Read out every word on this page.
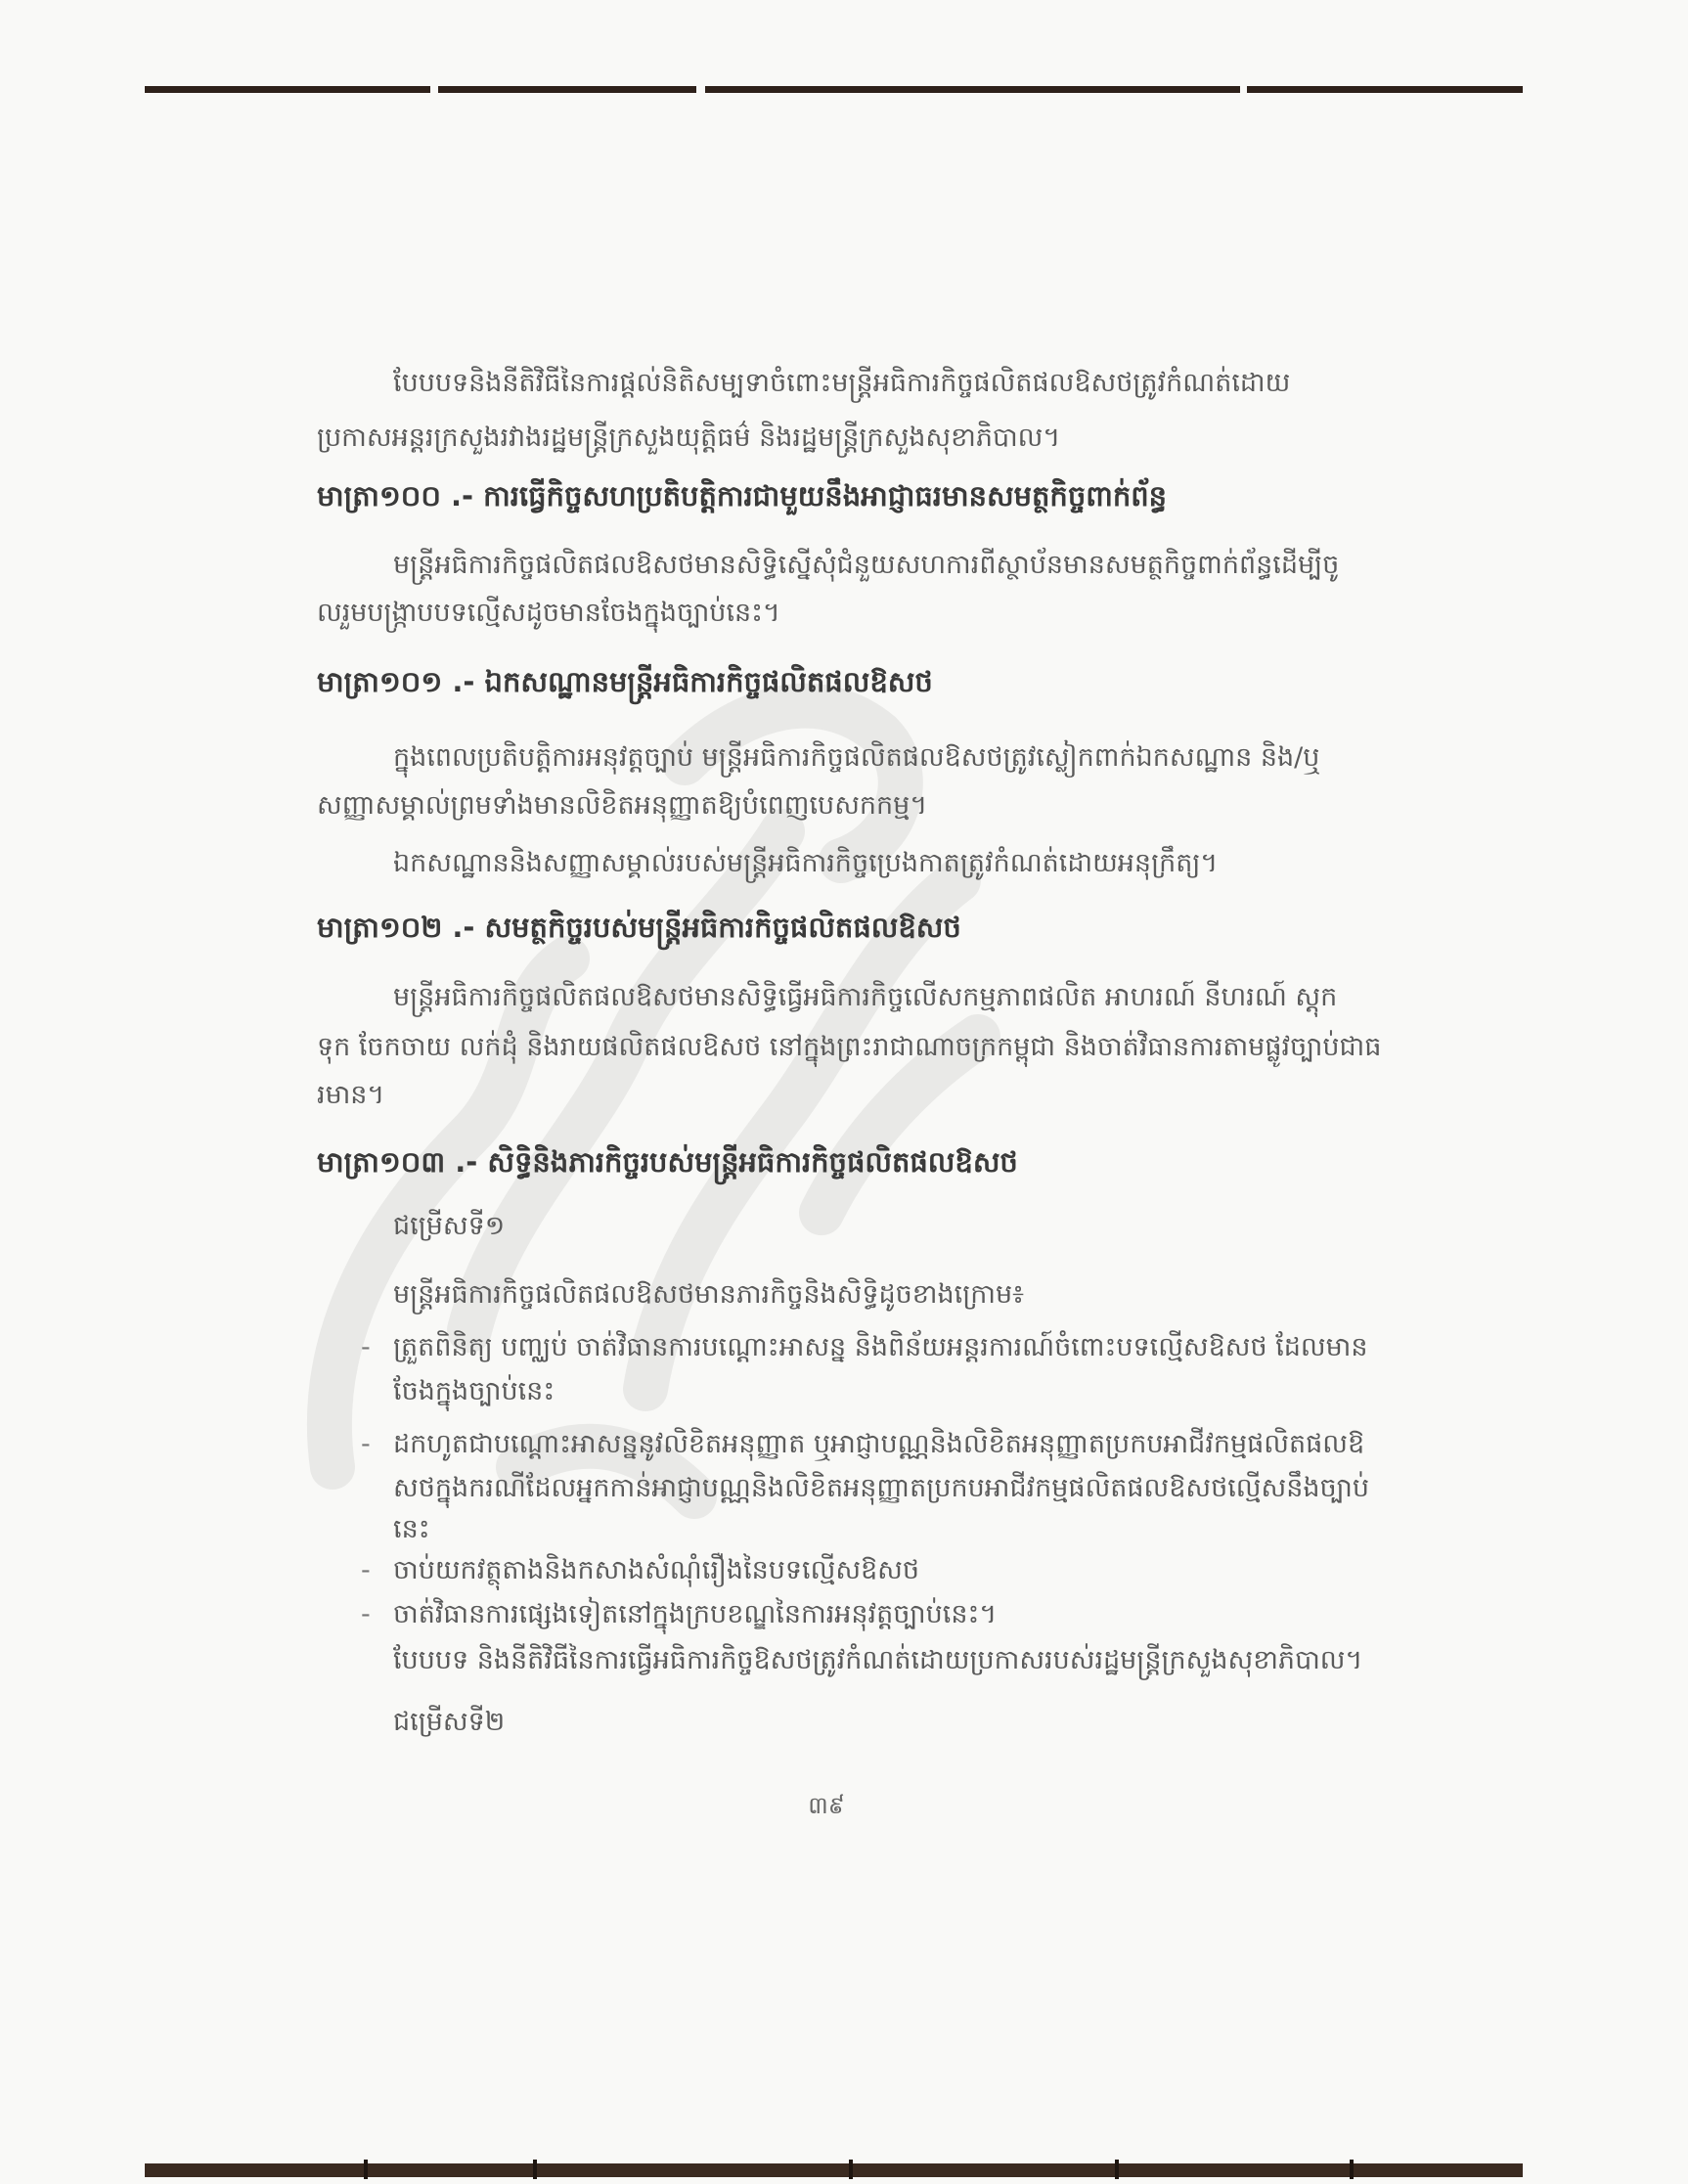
បែបបទនិងនីតិវិធីនៃការផ្ដល់និតិសម្បទាចំពោះមន្ត្រីអធិការកិច្ចផលិតផលឱសថត្រូវកំណត់ដោយ
ប្រកាសអន្តរក្រសួងរវាងរដ្ឋមន្ត្រីក្រសួងយុត្តិធម៌ និងរដ្ឋមន្ត្រីក្រសួងសុខាភិបាល។
មាត្រា១០០ .- ការធ្វើកិច្ចសហប្រតិបត្តិការជាមួយនឹងអាជ្ញាធរមានសមត្ថកិច្ចពាក់ព័ន្ធ
មន្ត្រីអធិការកិច្ចផលិតផលឱសថមានសិទ្ធិស្នើសុំជំនួយសហការពីស្ថាប័នមានសមត្ថកិច្ចពាក់ព័ន្ធដើម្បីចូ
លរួមបង្ក្រាបបទល្មើសដូចមានចែងក្នុងច្បាប់នេះ។
មាត្រា១០១ .- ឯកសណ្ឋានមន្ត្រីអធិការកិច្ចផលិតផលឱសថ
ក្នុងពេលប្រតិបត្តិការអនុវត្តច្បាប់ មន្ត្រីអធិការកិច្ចផលិតផលឱសថត្រូវស្លៀកពាក់ឯកសណ្ឋាន និង/ឬ
សញ្ញាសម្គាល់ព្រមទាំងមានលិខិតអនុញ្ញាតឱ្យបំពេញបេសកកម្ម។
ឯកសណ្ឋាននិងសញ្ញាសម្គាល់របស់មន្ត្រីអធិការកិច្ចប្រេងកាតត្រូវកំណត់ដោយអនុក្រឹត្យ។
មាត្រា១០២ .- សមត្ថកិច្ចរបស់មន្ត្រីអធិការកិច្ចផលិតផលឱសថ
មន្ត្រីអធិការកិច្ចផលិតផលឱសថមានសិទ្ធិធ្វើអធិការកិច្ចលើសកម្មភាពផលិត អាហរណ៍ នីហរណ៍ ស្តុក
ទុក ចែកចាយ លក់ដុំ និងរាយផលិតផលឱសថ នៅក្នុងព្រះរាជាណាចក្រកម្ពុជា និងចាត់វិធានការតាមផ្លូវច្បាប់ជាធ
រមាន។
មាត្រា១០៣ .- សិទ្ធិនិងភារកិច្ចរបស់មន្ត្រីអធិការកិច្ចផលិតផលឱសថ
ជម្រើសទី១
មន្ត្រីអធិការកិច្ចផលិតផលឱសថមានភារកិច្ចនិងសិទ្ធិដូចខាងក្រោម៖
- ត្រួតពិនិត្យ បញ្ឈប់ ចាត់វិធានការបណ្ដោះអាសន្ន និងពិន័យអន្តរការណ៍ចំពោះបទល្មើសឱសថ ដែលមាន
ចែងក្នុងច្បាប់នេះ
- ដកហូតជាបណ្ដោះអាសន្ននូវលិខិតអនុញ្ញាត ឬអាជ្ញាបណ្ណនិងលិខិតអនុញ្ញាតប្រកបអាជីវកម្មផលិតផលឱ
សថក្នុងករណីដែលអ្នកកាន់អាជ្ញាបណ្ណនិងលិខិតអនុញ្ញាតប្រកបអាជីវកម្មផលិតផលឱសថល្មើសនឹងច្បាប់
នេះ
- ចាប់យកវត្ថុតាងនិងកសាងសំណុំរឿងនៃបទល្មើសឱសថ
- ចាត់វិធានការផ្សេងទៀតនៅក្នុងក្របខណ្ឌនៃការអនុវត្តច្បាប់នេះ។
បែបបទ និងនីតិវិធីនៃការធ្វើអធិការកិច្ចឱសថត្រូវកំណត់ដោយប្រកាសរបស់រដ្ឋមន្ត្រីក្រសួងសុខាភិបាល។
ជម្រើសទី២
៣៩
